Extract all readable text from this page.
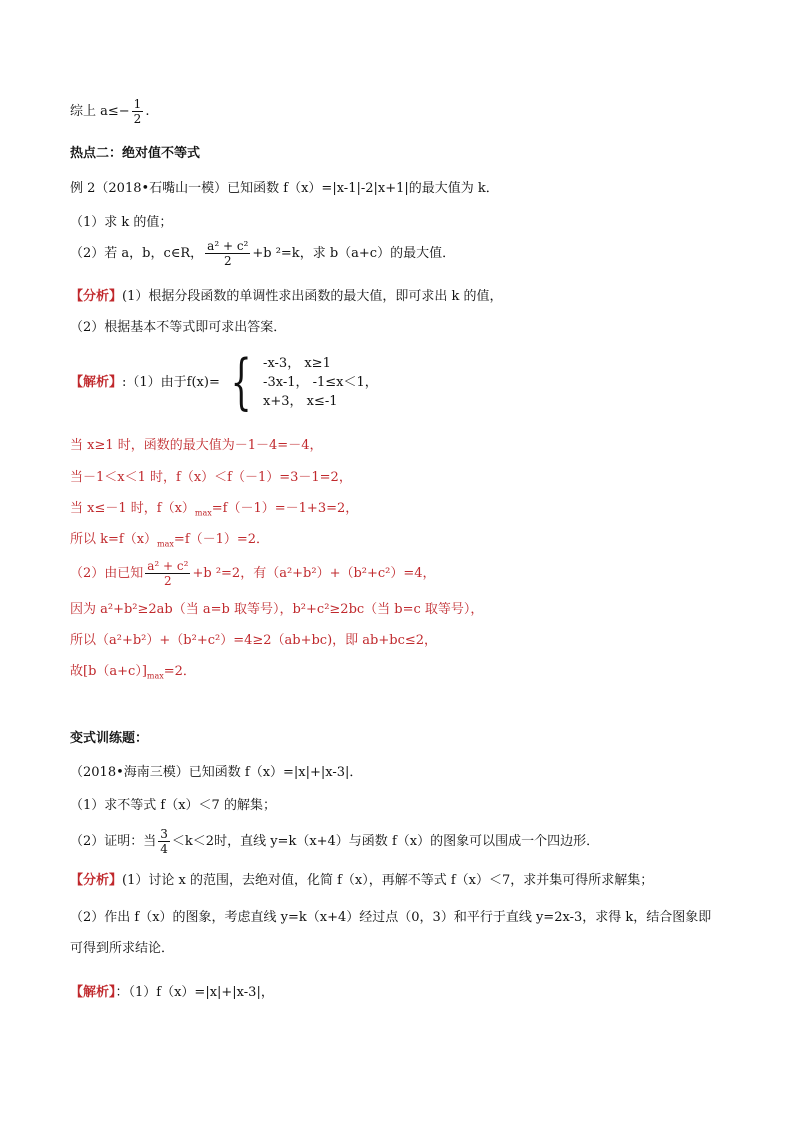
综上 $a\le- \frac{1}{2}$ .
热点二：绝对值不等式
例 2（2018•石嘴山一模）已知函数 f（x）=|x-1|-2|x+1|的最大值为 k．
（1）求 k 的值；
（2）若 a，b，c∈R， $\frac{\text{a² + c²}}{2} +b$ ²=k，求 b（a+c）的最大值．
【分析】(1）根据分段函数的单调性求出函数的最大值，即可求出 k 的值，
（2）根据基本不等式即可求出答案．
【解析】 :（1）由于f(x)= { -x-3， x≥1
-3x-1， -1≤x＜1，
x+3， x≤-1
当 x≥1 时，函数的最大值为－1－4=－4，
当－1＜x＜1 时，f（x）＜f（－1）=3－1=2，
当 x≤－1 时，$f(x)_{max}=f(-1)=-1+3=2$，
所以 $k=f(x)_{max}=f(-1)=2$．
（2）由已知 $\frac{\text{a² + c²}}{2} +b$ ²=2，有（a²+b²）+（b²+c²）=4，
因为 a²+b²≥2ab（当 a=b 取等号），b²+c²≥2bc（当 b=c 取等号），
所以（a²+b²）+（b²+c²）=4≥2（ab+bc)，即 ab+bc≤2，
故$[b(a+c)]_{max}=2$．
变式训练题：
（2018•海南三模）已知函数 f（x）=|x|+|x-3|．
（1）求不等式 f（x）＜7 的解集；
（2）证明：当 $\frac{3}{4} <k<2$时，直线 y=k（x+4）与函数 f（x）的图象可以围成一个四边形．
【分析】(1）讨论 x 的范围，去绝对值，化简 f（x），再解不等式 f（x）＜7，求并集可得所求解集；
（2）作出 f（x）的图象，考虑直线 y=k（x+4）经过点（0，3）和平行于直线 y=2x-3，求得 k，结合图象即
可得到所求结论．
【解析】：（1）f（x）=|x|+|x-3|，
